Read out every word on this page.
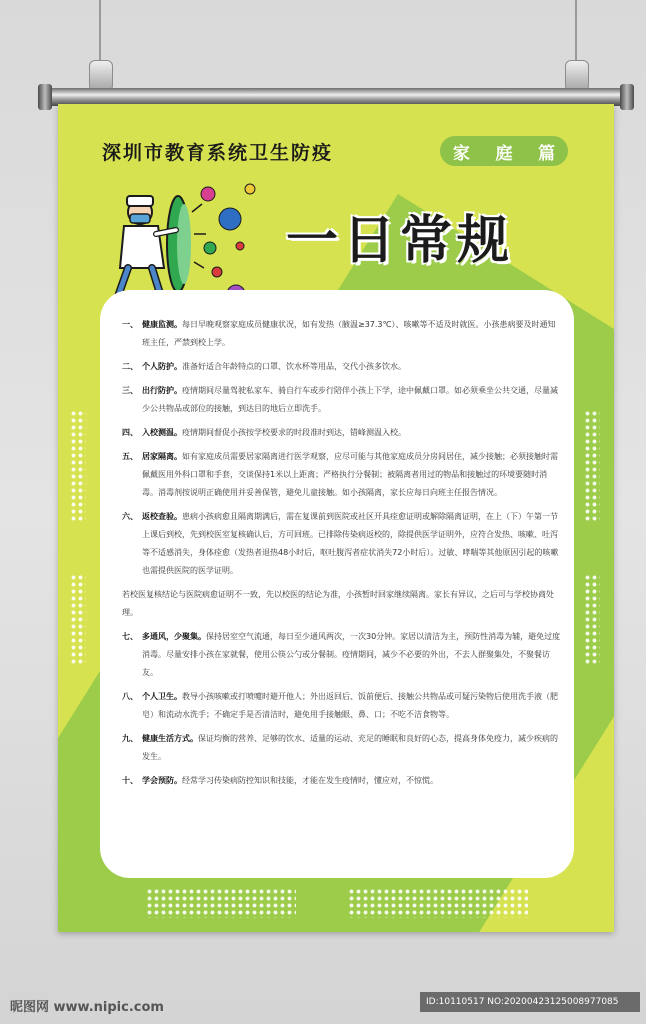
深圳市教育系统卫生防疫	家 庭 篇
一日常规

一、 健康监测。每日早晚观察家庭成员健康状况，如有发热（腋温≥37.3℃）、咳嗽等不适及时就医。小孩患病要及时通知班主任，严禁到校上学。

二、 个人防护。准备好适合年龄特点的口罩、饮水杯等用品，交代小孩多饮水。

三、 出行防护。疫情期间尽量驾驶私家车、骑自行车或步行陪伴小孩上下学，途中佩戴口罩。如必须乘坐公共交通，尽量减少公共物品或部位的接触，到达目的地后立即洗手。

四、 入校测温。疫情期间督促小孩按学校要求的时段准时到达，错峰测温入校。

五、 居家隔离。如有家庭成员需要居家隔离进行医学观察，应尽可能与其他家庭成员分房间居住，减少接触；必须接触时需佩戴医用外科口罩和手套，交谈保持1米以上距离；严格执行分餐制；被隔离者用过的物品和接触过的环境要随时消毒。消毒剂按说明正确使用并妥善保管，避免儿童接触。如小孩隔离，家长应每日向班主任报告情况。

六、 返校查验。患病小孩病愈且隔离期满后，需在复课前到医院或社区开具痊愈证明或解除隔离证明，在上（下）午第一节上课后到校，先到校医室复核确认后，方可回班。已排除传染病返校的，除提供医学证明外，应符合发热、咳嗽、吐泻等不适感消失，身体痊愈（发热者退热48小时后，呕吐腹泻者症状消失72小时后）。过敏、哮喘等其他原因引起的咳嗽也需提供医院的医学证明。

若校医复核结论与医院病愈证明不一致，先以校医的结论为准，小孩暂时回家继续隔离。家长有异议，之后可与学校协商处理。

七、 多通风，少聚集。保持居室空气流通，每日至少通风两次，一次30分钟。家居以清洁为主，预防性消毒为辅，避免过度消毒。尽量安排小孩在家就餐，使用公筷公勺或分餐制。疫情期间，减少不必要的外出，不去人群聚集处，不聚餐访友。

八、 个人卫生。教导小孩咳嗽或打喷嚏时避开他人；外出返回后、饭前便后、接触公共物品或可疑污染物后使用洗手液（肥皂）和流动水洗手；不确定手是否清洁时，避免用手接触眼、鼻、口；不吃不洁食物等。

九、 健康生活方式。保证均衡的营养、足够的饮水、适量的运动、充足的睡眠和良好的心态，提高身体免疫力，减少疾病的发生。

十、 学会预防。经常学习传染病防控知识和技能，才能在发生疫情时，懂应对，不惊慌。

昵图网 www.nipic.com	ID:10110517 NO:20200423125008977085
